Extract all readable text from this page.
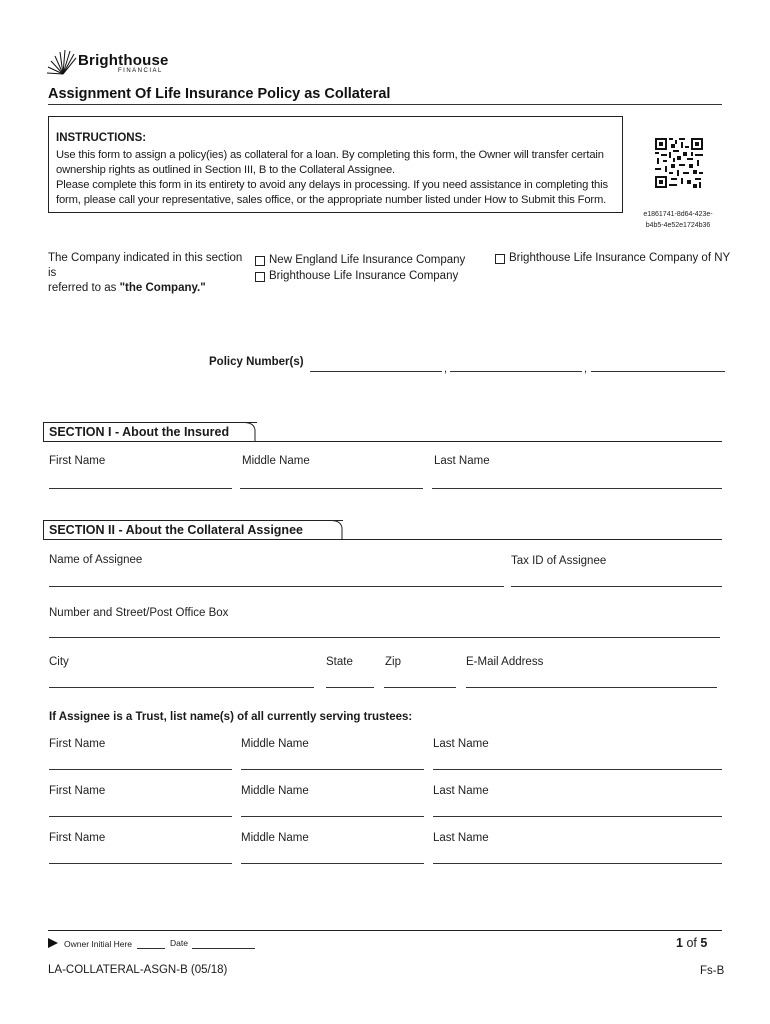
Brighthouse
FINANCIAL
Assignment Of Life Insurance Policy as Collateral
INSTRUCTIONS:
Use this form to assign a policy(ies) as collateral for a loan. By completing this form, the Owner will transfer certain
ownership rights as outlined in Section III, B to the Collateral Assignee.
Please complete this form in its entirety to avoid any delays in processing. If you need assistance in completing this
form, please call your representative, sales office, or the appropriate number listed under How to Submit this Form.
e1861741-8d64-423e-
b4b5-4e52e1724b36
The Company indicated in this section is
referred to as "the Company."
New England Life Insurance Company
Brighthouse Life Insurance Company
Brighthouse Life Insurance Company of NY
Policy Number(s)
,	,
SECTION I - About the Insured
First Name	Middle Name	Last Name
SECTION II - About the Collateral Assignee
Name of Assignee	Tax ID of Assignee
Number and Street/Post Office Box
City	State	Zip	E-Mail Address
If Assignee is a Trust, list name(s) of all currently serving trustees:
First Name	Middle Name	Last Name
First Name	Middle Name	Last Name
First Name	Middle Name	Last Name
Owner Initial Here	Date	1 of 5
LA-COLLATERAL-ASGN-B (05/18)	Fs-B
